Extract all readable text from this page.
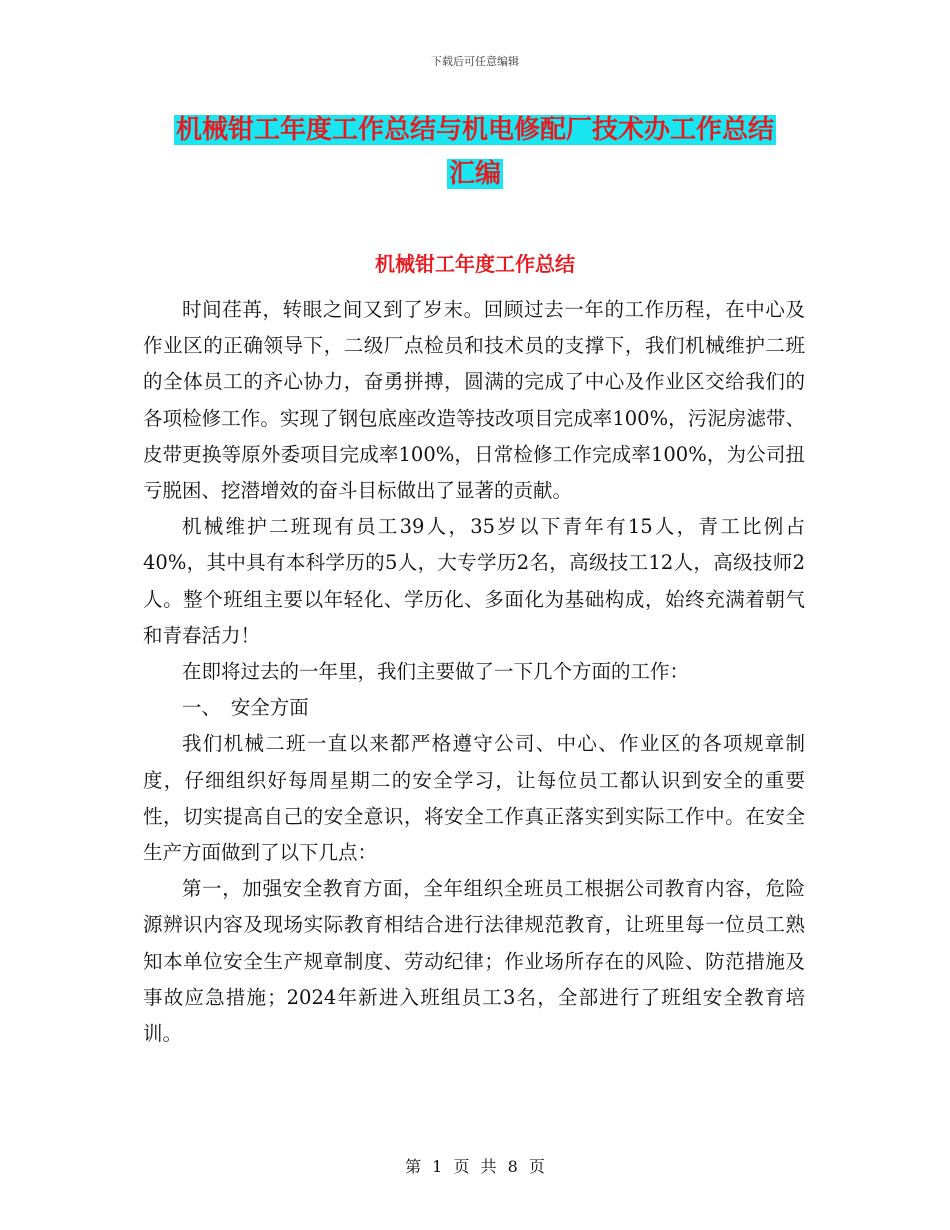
下载后可任意编辑
机械钳工年度工作总结与机电修配厂技术办工作总结
汇编
机械钳工年度工作总结

时间荏苒，转眼之间又到了岁末。回顾过去一年的工作历程，在中心及作业区的正确领导下，二级厂点检员和技术员的支撑下，我们机械维护二班的全体员工的齐心协力，奋勇拼搏，圆满的完成了中心及作业区交给我们的各项检修工作。实现了钢包底座改造等技改项目完成率100%，污泥房滤带、皮带更换等原外委项目完成率100%，日常检修工作完成率100%，为公司扭亏脱困、挖潜增效的奋斗目标做出了显著的贡献。

机械维护二班现有员工39人，35岁以下青年有15人，青工比例占40%，其中具有本科学历的5人，大专学历2名，高级技工12人，高级技师2人。整个班组主要以年轻化、学历化、多面化为基础构成，始终充满着朝气和青春活力！

在即将过去的一年里，我们主要做了一下几个方面的工作：

一、　安全方面

我们机械二班一直以来都严格遵守公司、中心、作业区的各项规章制度，仔细组织好每周星期二的安全学习，让每位员工都认识到安全的重要性，切实提高自己的安全意识，将安全工作真正落实到实际工作中。在安全生产方面做到了以下几点：

第一，加强安全教育方面，全年组织全班员工根据公司教育内容，危险源辨识内容及现场实际教育相结合进行法律规范教育，让班里每一位员工熟知本单位安全生产规章制度、劳动纪律；作业场所存在的风险、防范措施及事故应急措施；2024年新进入班组员工3名，全部进行了班组安全教育培训。

第 1 页 共 8 页
